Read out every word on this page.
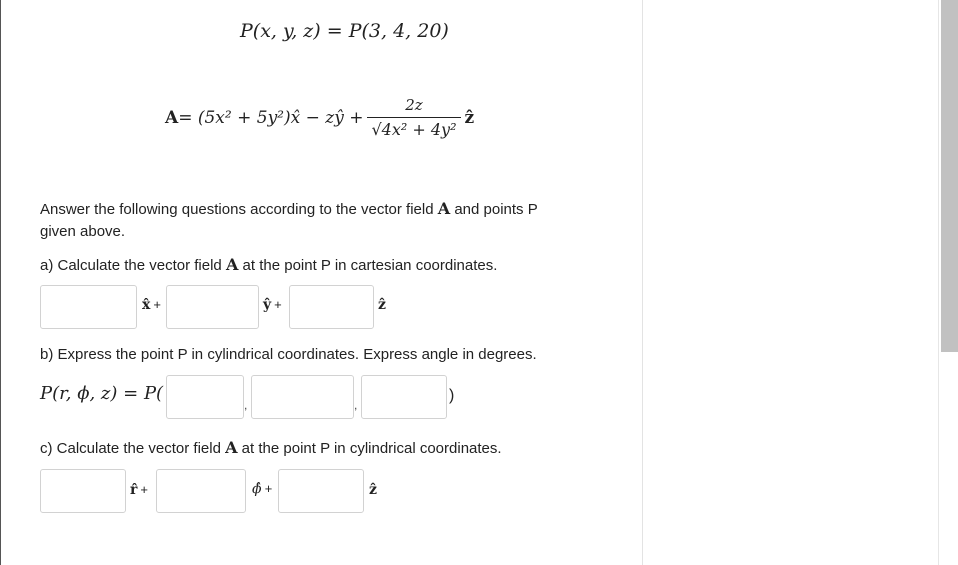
P(x, y, z) = P(3, 4, 20)
A = (5x² + 5y²)x̂ − zŷ + $\frac{2z}{\text{√4x² + 4y²}}$ ẑ
Answer the following questions according to the vector field A and points P
given above.
a) Calculate the vector field A at the point P in cartesian coordinates.
x̂ +	ŷ +	ẑ
b) Express the point P in cylindrical coordinates. Express angle in degrees.
P(r, ϕ, z) = P(
,	,
)
c) Calculate the vector field A at the point P in cylindrical coordinates.
r̂ +	ϕ̂ +	ẑ
